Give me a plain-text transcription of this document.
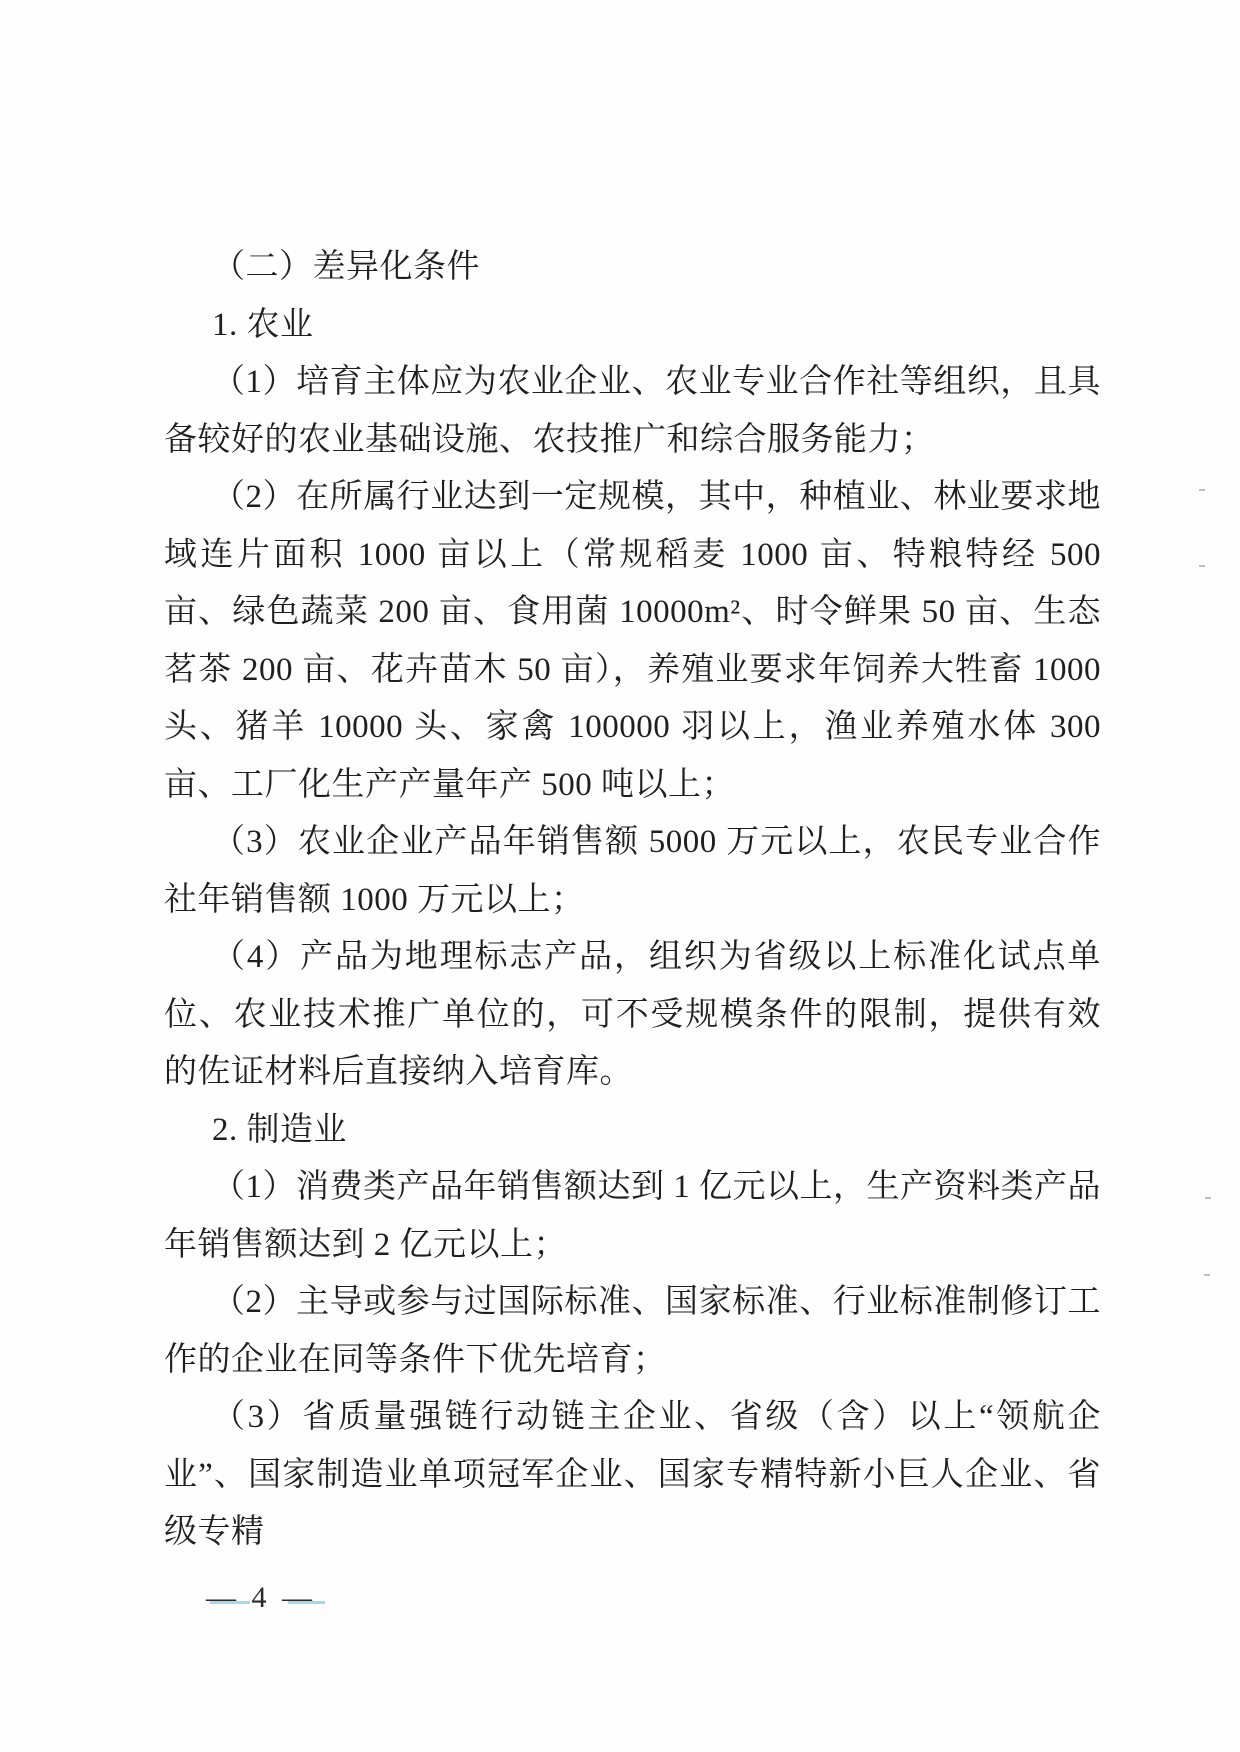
（二）差异化条件

1. 农业

（1）培育主体应为农业企业、农业专业合作社等组织，且具备较好的农业基础设施、农技推广和综合服务能力；

（2）在所属行业达到一定规模，其中，种植业、林业要求地域连片面积 1000 亩以上（常规稻麦 1000 亩、特粮特经 500 亩、绿色蔬菜 200 亩、食用菌 10000m²、时令鲜果 50 亩、生态茗茶 200 亩、花卉苗木 50 亩），养殖业要求年饲养大牲畜 1000 头、猪羊 10000 头、家禽 100000 羽以上，渔业养殖水体 300 亩、工厂化生产产量年产 500 吨以上；

（3）农业企业产品年销售额 5000 万元以上，农民专业合作社年销售额 1000 万元以上；

（4）产品为地理标志产品，组织为省级以上标准化试点单位、农业技术推广单位的，可不受规模条件的限制，提供有效的佐证材料后直接纳入培育库。

2. 制造业

（1）消费类产品年销售额达到 1 亿元以上，生产资料类产品年销售额达到 2 亿元以上；

（2）主导或参与过国际标准、国家标准、行业标准制修订工作的企业在同等条件下优先培育；

（3）省质量强链行动链主企业、省级（含）以上“领航企业”、国家制造业单项冠军企业、国家专精特新小巨人企业、省级专精

— 4 —
